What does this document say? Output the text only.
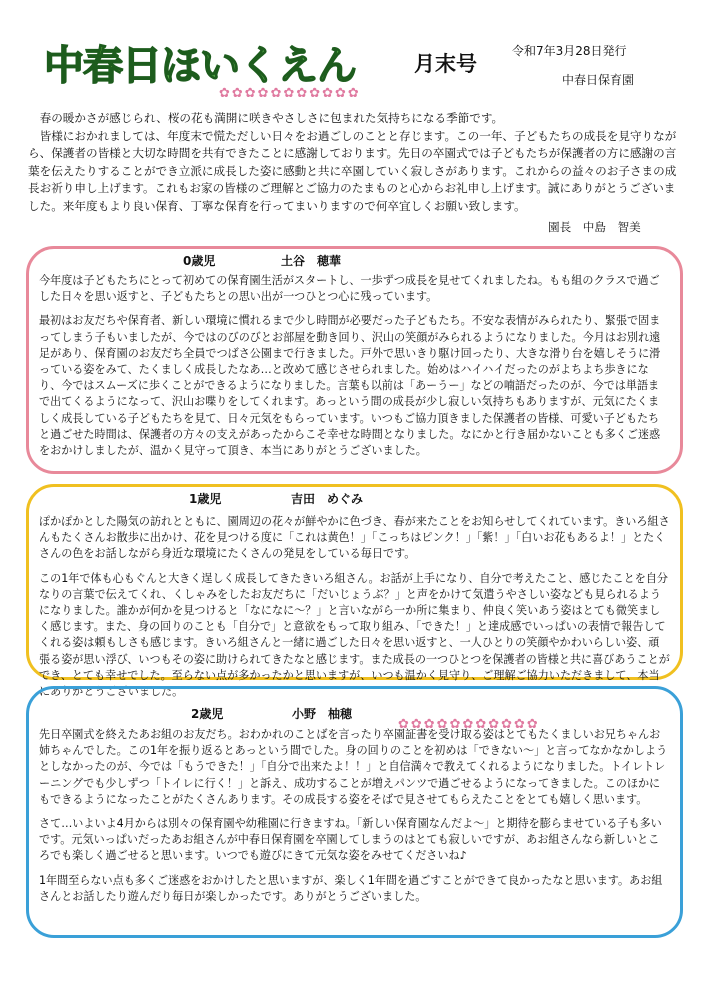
中春日ほいくえん	月末号
令和7年3月28日発行
中春日保育園
✿✿✿✿✿✿✿✿✿✿✿

春の暖かさが感じられ、桜の花も満開に咲きやさしさに包まれた気持ちになる季節です。

皆様におかれましては、年度末で慌ただしい日々をお過ごしのことと存じます。この一年、子どもたちの成長を見守りながら、保護者の皆様と大切な時間を共有できたことに感謝しております。先日の卒園式では子どもたちが保護者の方に感謝の言葉を伝えたりすることができ立派に成長した姿に感動と共に卒園していく寂しさがあります。これからの益々のお子さまの成長お祈り申し上げます。これもお家の皆様のご理解とご協力のたまものと心からお礼申し上げます。誠にありがとうございました。来年度もより良い保育、丁寧な保育を行ってまいりますので何卒宜しくお願い致します。

園長　中島　智美
0歳児	土谷　穂華

今年度は子どもたちにとって初めての保育園生活がスタートし、一歩ずつ成長を見せてくれましたね。もも組のクラスで過ごした日々を思い返すと、子どもたちとの思い出が一つひとつ心に残っています。

最初はお友だちや保育者、新しい環境に慣れるまで少し時間が必要だった子どもたち。不安な表情がみられたり、緊張で固まってしまう子もいましたが、今ではのびのびとお部屋を動き回り、沢山の笑顔がみられるようになりました。今月はお別れ遠足があり、保育園のお友だち全員でつばさ公園まで行きました。戸外で思いきり駆け回ったり、大きな滑り台を嬉しそうに滑っている姿をみて、たくましく成長したなあ…と改めて感じさせられました。始めはハイハイだったのがよちよち歩きになり、今ではスムーズに歩くことができるようになりました。言葉も以前は「あーうー」などの喃語だったのが、今では単語まで出てくるようになって、沢山お喋りをしてくれます。あっという間の成長が少し寂しい気持ちもありますが、元気にたくましく成長している子どもたちを見て、日々元気をもらっています。いつもご協力頂きました保護者の皆様、可愛い子どもたちと過ごせた時間は、保護者の方々の支えがあったからこそ幸せな時間となりました。なにかと行き届かないことも多くご迷惑をおかけしましたが、温かく見守って頂き、本当にありがとうございました。

1歳児	吉田　めぐみ

ぽかぽかとした陽気の訪れとともに、園周辺の花々が鮮やかに色づき、春が来たことをお知らせしてくれています。きいろ組さんもたくさんお散歩に出かけ、花を見つける度に「これは黄色！」「こっちはピンク！」「紫！」「白いお花もあるよ！」とたくさんの色をお話しながら身近な環境にたくさんの発見をしている毎日です。

この1年で体も心もぐんと大きく逞しく成長してきたきいろ組さん。お話が上手になり、自分で考えたこと、感じたことを自分なりの言葉で伝えてくれ、くしゃみをしたお友だちに「だいじょうぶ？」と声をかけて気遣うやさしい姿なども見られるようになりました。誰かが何かを見つけると「なになに〜？」と言いながら一か所に集まり、仲良く笑いあう姿はとても微笑ましく感じます。また、身の回りのことも「自分で」と意欲をもって取り組み、「できた！」と達成感でいっぱいの表情で報告してくれる姿は頼もしさも感じます。きいろ組さんと一緒に過ごした日々を思い返すと、一人ひとりの笑顔やかわいらしい姿、頑張る姿が思い浮び、いつもその姿に助けられてきたなと感じます。また成長の一つひとつを保護者の皆様と共に喜びあうことができ、とても幸せでした。至らない点が多かったかと思いますが、いつも温かく見守り、ご理解ご協力いただきまして、本当にありがとうございました。

2歳児	小野　柚穂

先日卒園式を終えたあお組のお友だち。おわかれのことばを言ったり卒園証書を受け取る姿はとてもたくましいお兄ちゃんお姉ちゃんでした。この1年を振り返るとあっという間でした。身の回りのことを初めは「できない〜」と言ってなかなかしようとしなかったのが、今では「もうできた！」「自分で出来たよ！！」と自信満々で教えてくれるようになりました。トイレトレーニングでも少しずつ「トイレに行く！」と訴え、成功することが増えパンツで過ごせるようになってきました。このほかにもできるようになったことがたくさんあります。その成長する姿をそばで見させてもらえたことをとても嬉しく思います。

さて…いよいよ4月からは別々の保育園や幼稚園に行きますね。「新しい保育園なんだよ〜」と期待を膨らませている子も多いです。元気いっぱいだったあお組さんが中春日保育園を卒園してしまうのはとても寂しいですが、あお組さんなら新しいところでも楽しく過ごせると思います。いつでも遊びにきて元気な姿をみせてくださいね♪

1年間至らない点も多くご迷惑をおかけしたと思いますが、楽しく1年間を過ごすことができて良かったなと思います。あお組さんとお話したり遊んだり毎日が楽しかったです。ありがとうございました。

✿✿✿✿✿✿✿✿✿✿✿
